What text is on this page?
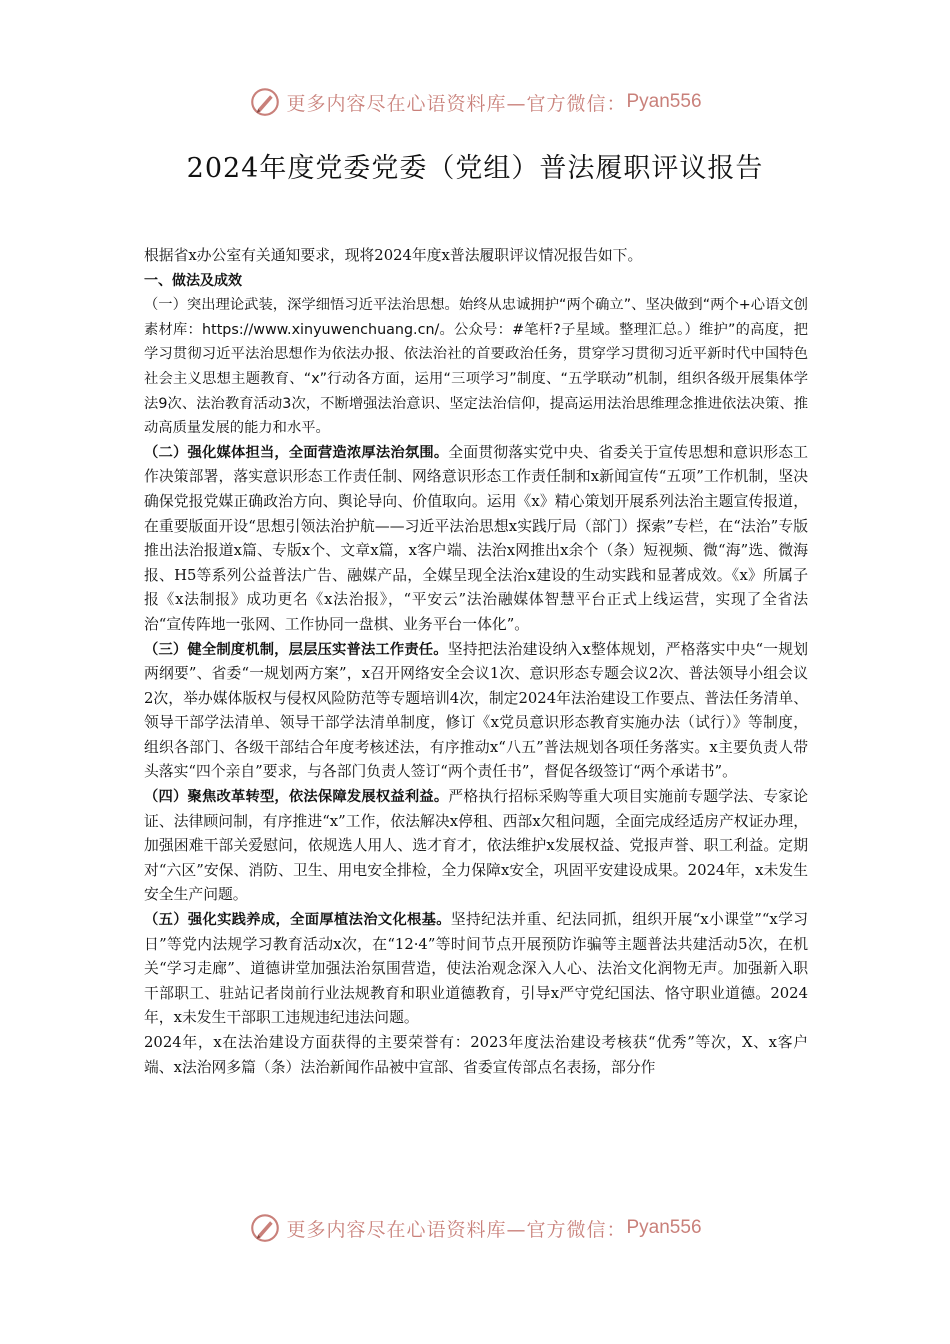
更多内容尽在心语资料库—官方微信： Pyan556
2024年度党委党委（党组）普法履职评议报告

根据省x办公室有关通知要求，现将2024年度x普法履职评议情况报告如下。

一、做法及成效

（一）突出理论武装，深学细悟习近平法治思想。始终从忠诚拥护“两个确立”、坚决做到“两个+心语文创素材库：https://www.xinyuwenchuang.cn/。公众号：#笔杆?子星域。整理汇总。）维护”的高度，把学习贯彻习近平法治思想作为依法办报、依法治社的首要政治任务，贯穿学习贯彻习近平新时代中国特色社会主义思想主题教育、“x”行动各方面，运用“三项学习”制度、“五学联动”机制，组织各级开展集体学法9次、法治教育活动3次，不断增强法治意识、坚定法治信仰，提高运用法治思维理念推进依法决策、推动高质量发展的能力和水平。

（二）强化媒体担当，全面营造浓厚法治氛围。全面贯彻落实党中央、省委关于宣传思想和意识形态工作决策部署，落实意识形态工作责任制、网络意识形态工作责任制和x新闻宣传“五项”工作机制，坚决确保党报党媒正确政治方向、舆论导向、价值取向。运用《x》精心策划开展系列法治主题宣传报道，在重要版面开设“思想引领法治护航——习近平法治思想x实践厅局（部门）探索”专栏，在“法治”专版推出法治报道x篇、专版x个、文章x篇，x客户端、法治x网推出x余个（条）短视频、微“海”选、微海报、H5等系列公益普法广告、融媒产品，全媒呈现全法治x建设的生动实践和显著成效。《x》所属子报《x法制报》成功更名《x法治报》，“平安云”法治融媒体智慧平台正式上线运营，实现了全省法治“宣传阵地一张网、工作协同一盘棋、业务平台一体化”。

（三）健全制度机制，层层压实普法工作责任。坚持把法治建设纳入x整体规划，严格落实中央“一规划两纲要”、省委“一规划两方案”，x召开网络安全会议1次、意识形态专题会议2次、普法领导小组会议2次，举办媒体版权与侵权风险防范等专题培训4次，制定2024年法治建设工作要点、普法任务清单、领导干部学法清单、领导干部学法清单制度，修订《x党员意识形态教育实施办法（试行）》等制度，组织各部门、各级干部结合年度考核述法，有序推动x“八五”普法规划各项任务落实。x主要负责人带头落实“四个亲自”要求，与各部门负责人签订“两个责任书”，督促各级签订“两个承诺书”。

（四）聚焦改革转型，依法保障发展权益利益。严格执行招标采购等重大项目实施前专题学法、专家论证、法律顾问制，有序推进“x”工作，依法解决x停租、西部x欠租问题，全面完成经适房产权证办理，加强困难干部关爱慰问，依规选人用人、选才育才，依法维护x发展权益、党报声誉、职工利益。定期对“六区”安保、消防、卫生、用电安全排检，全力保障x安全，巩固平安建设成果。2024年，x未发生安全生产问题。

（五）强化实践养成，全面厚植法治文化根基。坚持纪法并重、纪法同抓，组织开展“x小课堂”“x学习日”等党内法规学习教育活动x次，在“12·4”等时间节点开展预防诈骗等主题普法共建活动5次，在机关“学习走廊”、道德讲堂加强法治氛围营造，使法治观念深入人心、法治文化润物无声。加强新入职干部职工、驻站记者岗前行业法规教育和职业道德教育，引导x严守党纪国法、恪守职业道德。2024年，x未发生干部职工违规违纪违法问题。

2024年，x在法治建设方面获得的主要荣誉有：2023年度法治建设考核获“优秀”等次，X、x客户端、x法治网多篇（条）法治新闻作品被中宣部、省委宣传部点名表扬，部分作

更多内容尽在心语资料库—官方微信： Pyan556
